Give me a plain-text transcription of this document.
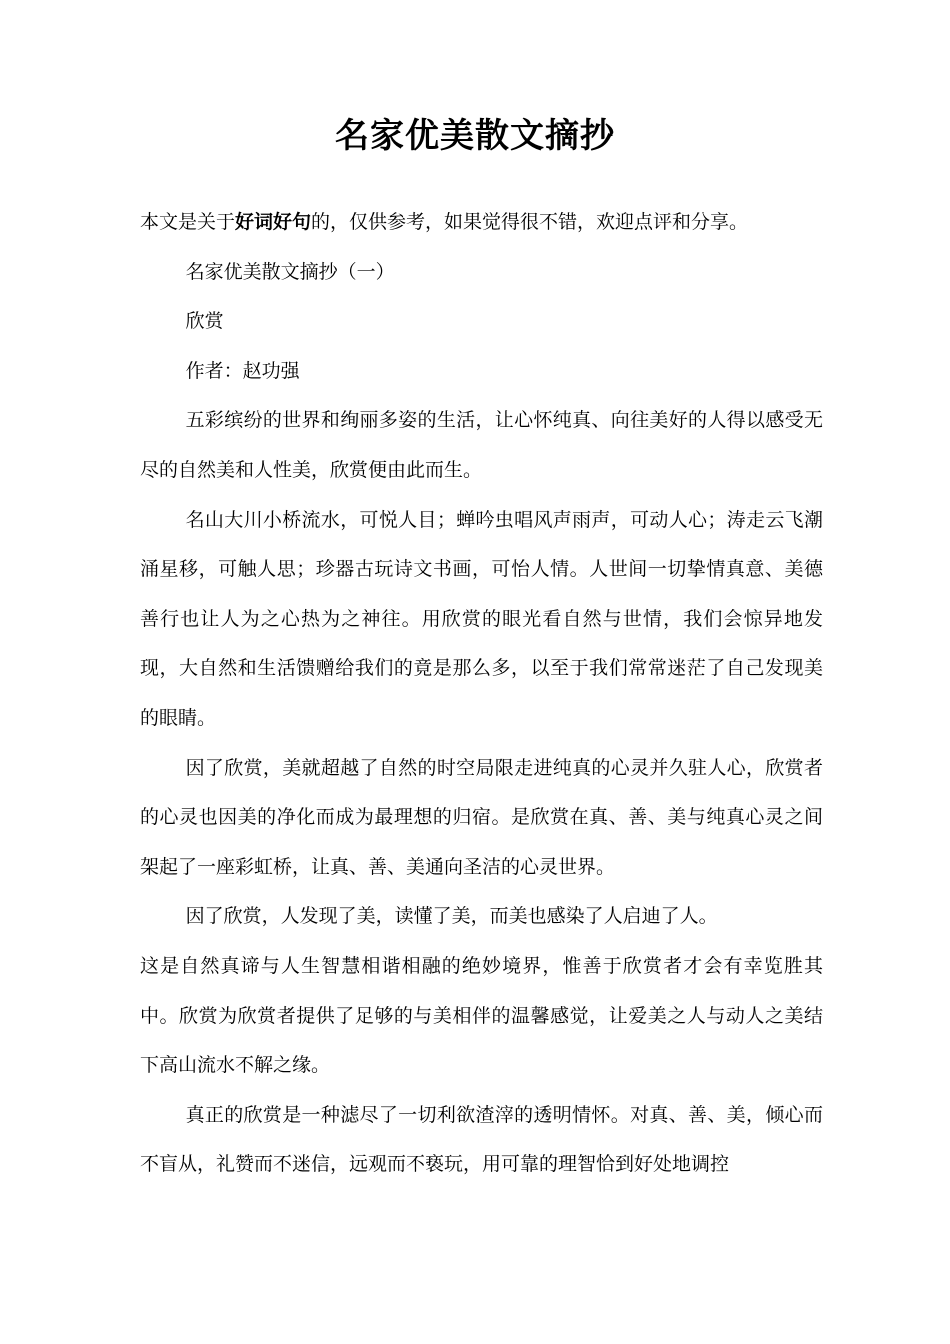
名家优美散文摘抄

本文是关于好词好句的，仅供参考，如果觉得很不错，欢迎点评和分享。

名家优美散文摘抄（一）

欣赏

作者：赵功强

五彩缤纷的世界和绚丽多姿的生活，让心怀纯真、向往美好的人得以感受无尽的自然美和人性美，欣赏便由此而生。

名山大川小桥流水，可悦人目；蝉吟虫唱风声雨声，可动人心；涛走云飞潮涌星移，可触人思；珍器古玩诗文书画，可怡人情。人世间一切挚情真意、美德善行也让人为之心热为之神往。用欣赏的眼光看自然与世情，我们会惊异地发现，大自然和生活馈赠给我们的竟是那么多，以至于我们常常迷茫了自己发现美的眼睛。

因了欣赏，美就超越了自然的时空局限走进纯真的心灵并久驻人心，欣赏者的心灵也因美的净化而成为最理想的归宿。是欣赏在真、善、美与纯真心灵之间架起了一座彩虹桥，让真、善、美通向圣洁的心灵世界。

因了欣赏，人发现了美，读懂了美，而美也感染了人启迪了人。

这是自然真谛与人生智慧相谐相融的绝妙境界，惟善于欣赏者才会有幸览胜其中。欣赏为欣赏者提供了足够的与美相伴的温馨感觉，让爱美之人与动人之美结下高山流水不解之缘。

真正的欣赏是一种滤尽了一切利欲渣滓的透明情怀。对真、善、美，倾心而不盲从，礼赞而不迷信，远观而不亵玩，用可靠的理智恰到好处地调控
